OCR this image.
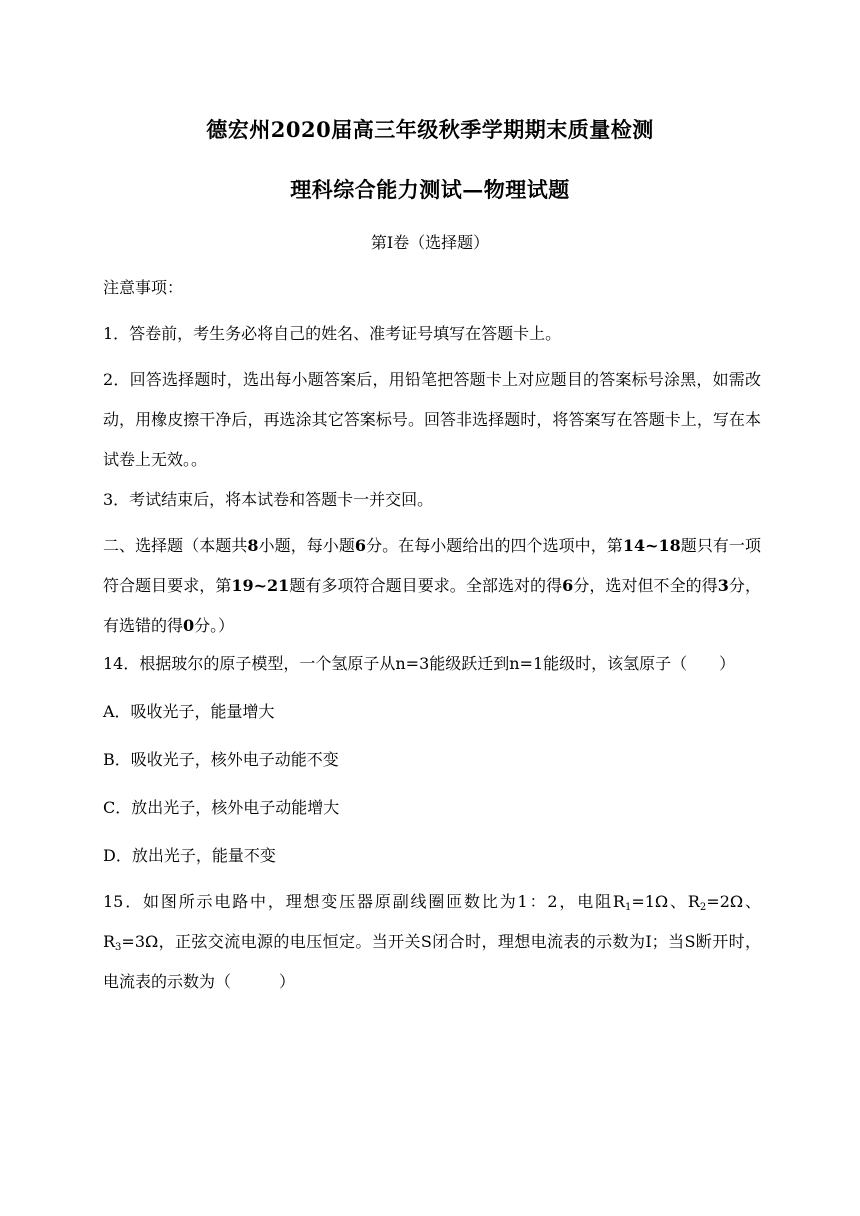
德宏州2020届高三年级秋季学期期末质量检测
理科综合能力测试—物理试题
第Ⅰ卷（选择题）
注意事项：
1．答卷前，考生务必将自己的姓名、准考证号填写在答题卡上。
2．回答选择题时，选出每小题答案后，用铅笔把答题卡上对应题目的答案标号涂黑，如需改动，用橡皮擦干净后，再选涂其它答案标号。回答非选择题时，将答案写在答题卡上，写在本试卷上无效。。
3．考试结束后，将本试卷和答题卡一并交回。
二、选择题（本题共8小题，每小题6分。在每小题给出的四个选项中，第14~18题只有一项符合题目要求，第19~21题有多项符合题目要求。全部选对的得6分，选对但不全的得3分，有选错的得0分。）
14．根据玻尔的原子模型，一个氢原子从n=3能级跃迁到n=1能级时，该氢原子（　　）
A．吸收光子，能量增大
B．吸收光子，核外电子动能不变
C．放出光子，核外电子动能增大
D．放出光子，能量不变
15．如图所示电路中，理想变压器原副线圈匝数比为1：2，电阻$R_1=1\Omega$、$R_2=2\Omega$、$R_3=3\Omega$，正弦交流电源的电压恒定。当开关S闭合时，理想电流表的示数为I；当S断开时，电流表的示数为（　　　）
